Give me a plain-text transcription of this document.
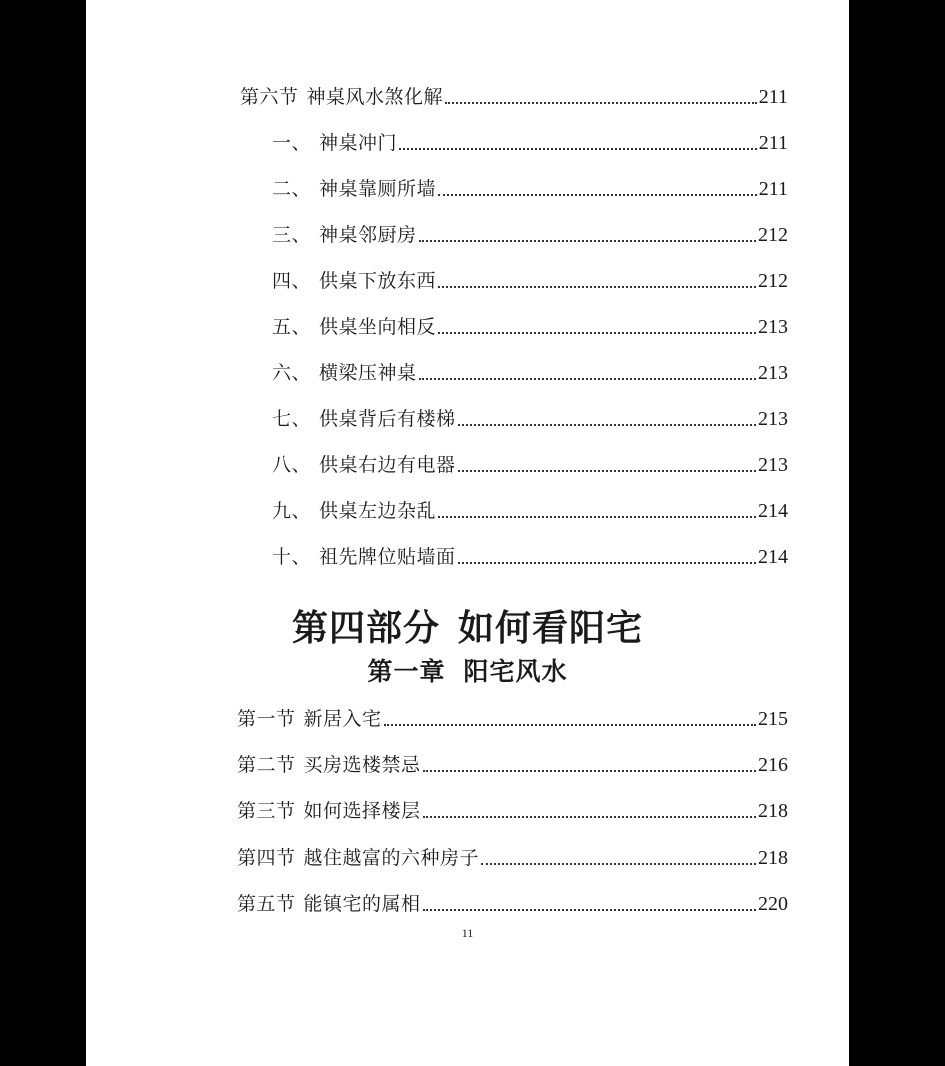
第六节 神桌风水煞化解	211
一、 神桌冲门	211
二、 神桌靠厕所墙	211
三、 神桌邻厨房	212
四、 供桌下放东西	212
五、 供桌坐向相反	213
六、 横梁压神桌	213
七、 供桌背后有楼梯	213
八、 供桌右边有电器	213
九、 供桌左边杂乱	214
十、 祖先牌位贴墙面	214
第四部分 如何看阳宅
第一章 阳宅风水
第一节 新居入宅	215
第二节 买房选楼禁忌	216
第三节 如何选择楼层	218
第四节 越住越富的六种房子	218
第五节 能镇宅的属相	220
11
